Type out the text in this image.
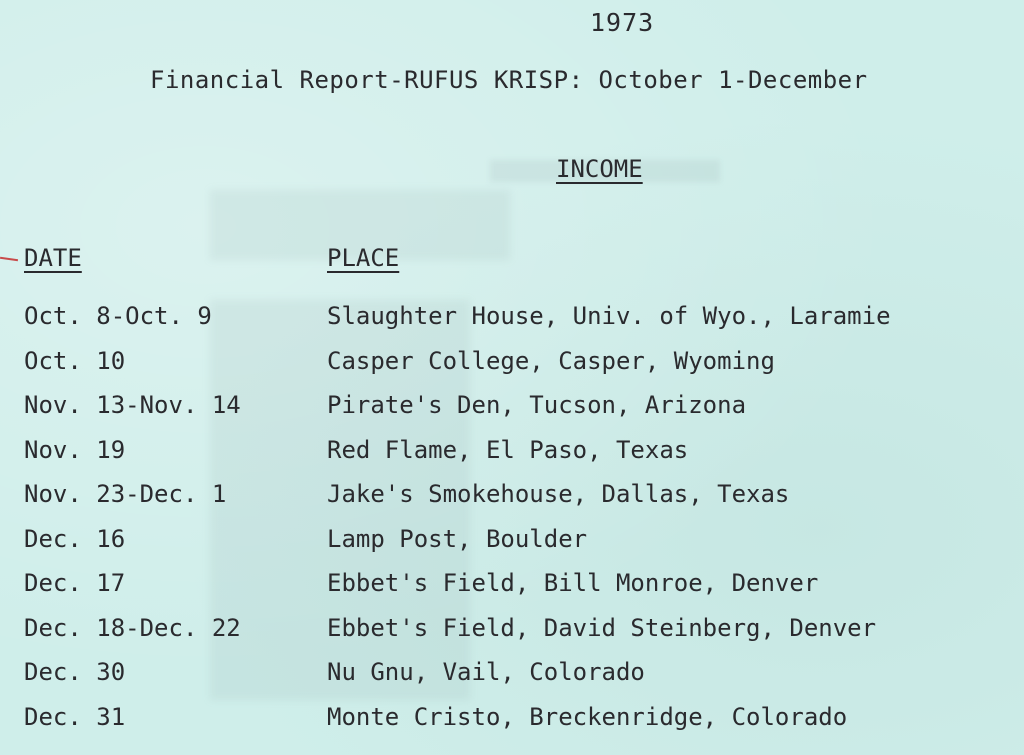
1973
Financial Report-RUFUS KRISP: October 1-December
INCOME
DATE	PLACE
Oct. 8-Oct. 9	Slaughter House, Univ. of Wyo., Laramie
Oct. 10	Casper College, Casper, Wyoming
Nov. 13-Nov. 14	Pirate's Den, Tucson, Arizona
Nov. 19	Red Flame, El Paso, Texas
Nov. 23-Dec. 1	Jake's Smokehouse, Dallas, Texas
Dec. 16	Lamp Post, Boulder
Dec. 17	Ebbet's Field, Bill Monroe, Denver
Dec. 18-Dec. 22	Ebbet's Field, David Steinberg, Denver
Dec. 30	Nu Gnu, Vail, Colorado
Dec. 31	Monte Cristo, Breckenridge, Colorado
